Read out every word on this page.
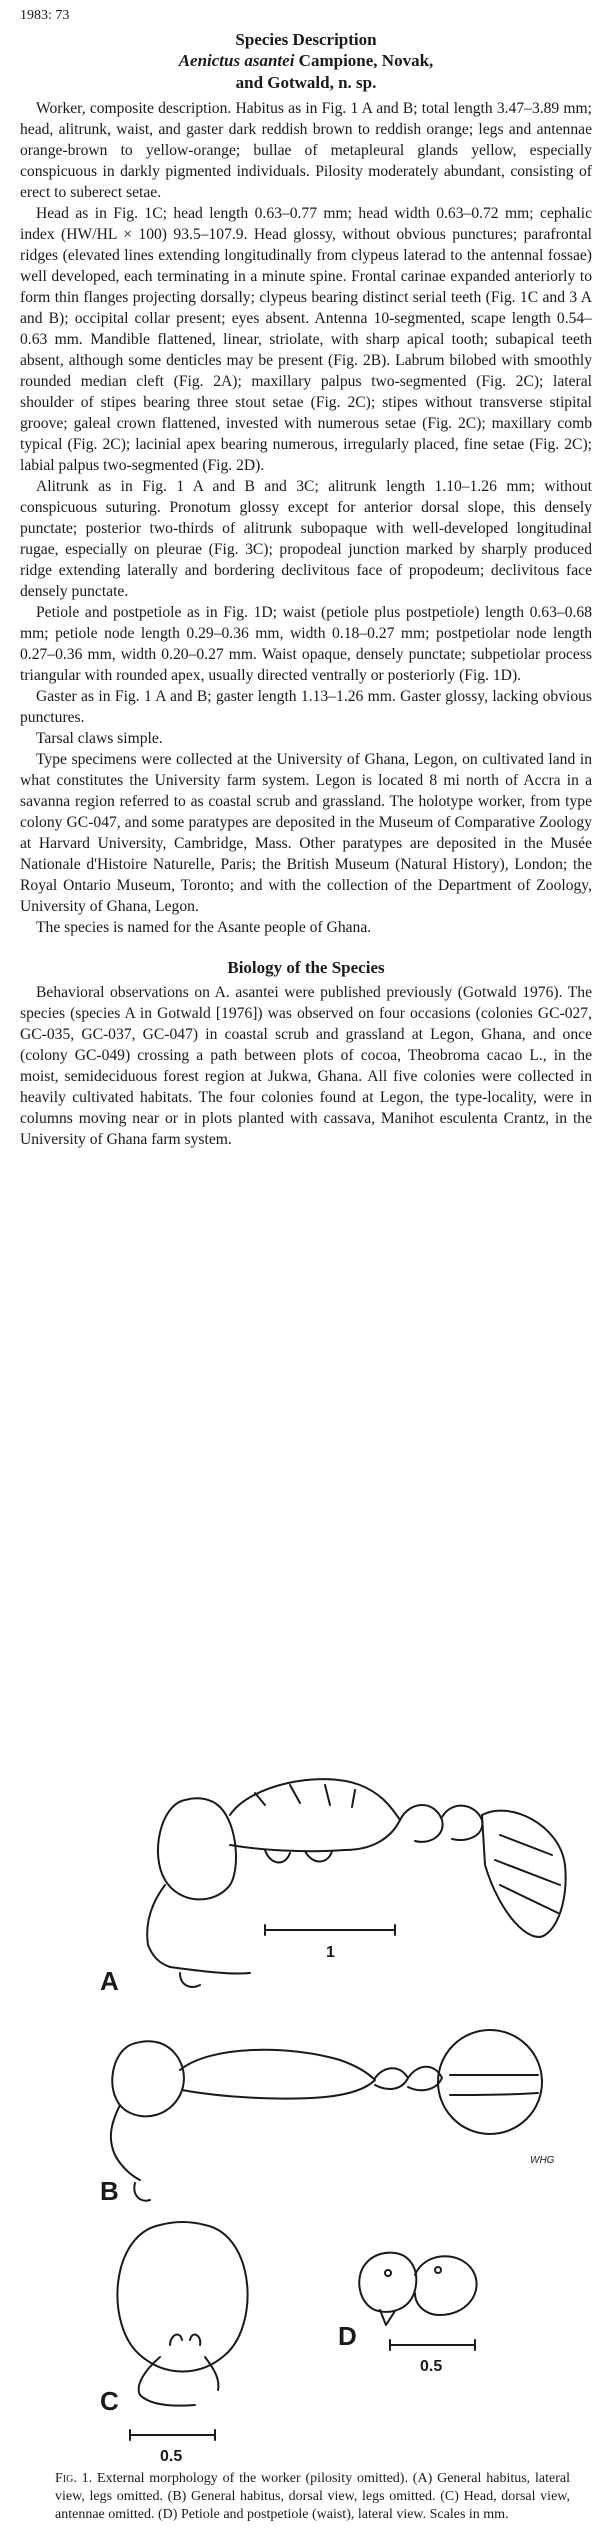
1983: 73

Species Description

Aenictus asantei Campione, Novak,

and Gotwald, n. sp.

Worker, composite description. Habitus as in Fig. 1 A and B; total length 3.47–3.89 mm; head, alitrunk, waist, and gaster dark reddish brown to reddish orange; legs and antennae orange-brown to yellow-orange; bullae of metapleural glands yellow, especially conspicuous in darkly pigmented individuals. Pilosity moderately abundant, consisting of erect to suberect setae.

Head as in Fig. 1C; head length 0.63–0.77 mm; head width 0.63–0.72 mm; cephalic index (HW/HL × 100) 93.5–107.9. Head glossy, without obvious punctures; parafrontal ridges (elevated lines extending longitudinally from clypeus laterad to the antennal fossae) well developed, each terminating in a minute spine. Frontal carinae expanded anteriorly to form thin flanges projecting dorsally; clypeus bearing distinct serial teeth (Fig. 1C and 3 A and B); occipital collar present; eyes absent. Antenna 10-segmented, scape length 0.54–0.63 mm. Mandible flattened, linear, striolate, with sharp apical tooth; subapical teeth absent, although some denticles may be present (Fig. 2B). Labrum bilobed with smoothly rounded median cleft (Fig. 2A); maxillary palpus two-segmented (Fig. 2C); lateral shoulder of stipes bearing three stout setae (Fig. 2C); stipes without transverse stipital groove; galeal crown flattened, invested with numerous setae (Fig. 2C); maxillary comb typical (Fig. 2C); lacinial apex bearing numerous, irregularly placed, fine setae (Fig. 2C); labial palpus two-segmented (Fig. 2D).

Alitrunk as in Fig. 1 A and B and 3C; alitrunk length 1.10–1.26 mm; without conspicuous suturing. Pronotum glossy except for anterior dorsal slope, this densely punctate; posterior two-thirds of alitrunk subopaque with well-developed longitudinal rugae, especially on pleurae (Fig. 3C); propodeal junction marked by sharply produced ridge extending laterally and bordering declivitous face of propodeum; declivitous face densely punctate.

Petiole and postpetiole as in Fig. 1D; waist (petiole plus postpetiole) length 0.63–0.68 mm; petiole node length 0.29–0.36 mm, width 0.18–0.27 mm; postpetiolar node length 0.27–0.36 mm, width 0.20–0.27 mm. Waist opaque, densely punctate; subpetiolar process triangular with rounded apex, usually directed ventrally or posteriorly (Fig. 1D).

Gaster as in Fig. 1 A and B; gaster length 1.13–1.26 mm. Gaster glossy, lacking obvious punctures.

Tarsal claws simple.

Type specimens were collected at the University of Ghana, Legon, on cultivated land in what constitutes the University farm system. Legon is located 8 mi north of Accra in a savanna region referred to as coastal scrub and grassland. The holotype worker, from type colony GC-047, and some paratypes are deposited in the Museum of Comparative Zoology at Harvard University, Cambridge, Mass. Other paratypes are deposited in the Musée Nationale d'Histoire Naturelle, Paris; the British Museum (Natural History), London; the Royal Ontario Museum, Toronto; and with the collection of the Department of Zoology, University of Ghana, Legon.

The species is named for the Asante people of Ghana.

Biology of the Species

Behavioral observations on A. asantei were published previously (Gotwald 1976). The species (species A in Gotwald [1976]) was observed on four occasions (colonies GC-027, GC-035, GC-037, GC-047) in coastal scrub and grassland at Legon, Ghana, and once (colony GC-049) crossing a path between plots of cocoa, Theobroma cacao L., in the moist, semideciduous forest region at Jukwa, Ghana. All five colonies were collected in heavily cultivated habitats. The four colonies found at Legon, the type-locality, were in columns moving near or in plots planted with cassava, Manihot esculenta Crantz, in the University of Ghana farm system.

A
B
C
D
1
0.5
0.5
WHG
Fig. 1. External morphology of the worker (pilosity omitted). (A) General habitus, lateral view, legs omitted. (B) General habitus, dorsal view, legs omitted. (C) Head, dorsal view, antennae omitted. (D) Petiole and postpetiole (waist), lateral view. Scales in mm.
